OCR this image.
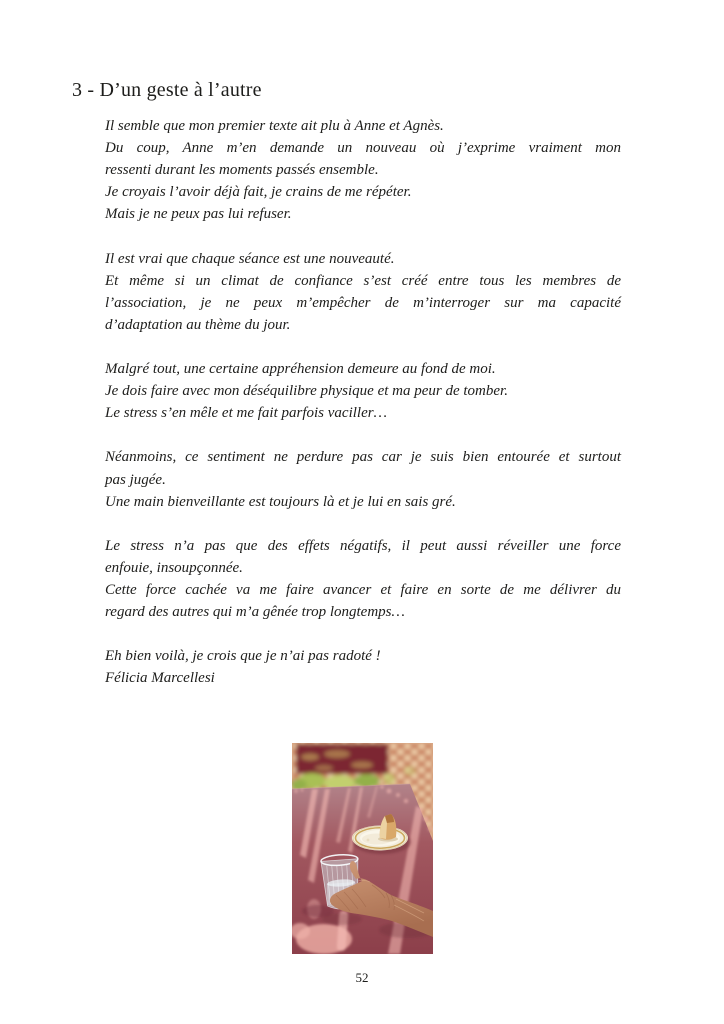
3 - D’un geste à l’autre
Il semble que mon premier texte ait plu à Anne et Agnès.
Du coup, Anne m’en demande un nouveau où j’exprime vraiment mon
ressenti durant les moments passés ensemble.
Je croyais l’avoir déjà fait, je crains de me répéter.
Mais je ne peux pas lui refuser.
Il est vrai que chaque séance est une nouveauté.
Et même si un climat de confiance s’est créé entre tous les membres de
l’association, je ne peux m’empêcher de m’interroger sur ma capacité
d’adaptation au thème du jour.
Malgré tout, une certaine appréhension demeure au fond de moi.
Je dois faire avec mon déséquilibre physique et ma peur de tomber.
Le stress s’en mêle et me fait parfois vaciller…
Néanmoins, ce sentiment ne perdure pas car je suis bien entourée et surtout
pas jugée.
Une main bienveillante est toujours là et je lui en sais gré.
Le stress n’a pas que des effets négatifs, il peut aussi réveiller une force
enfouie, insoupçonnée.
Cette force cachée va me faire avancer et faire en sorte de me délivrer du
regard des autres qui m’a gênée trop longtemps…
Eh bien voilà, je crois que je n’ai pas radoté !
Félicia Marcellesi
52
